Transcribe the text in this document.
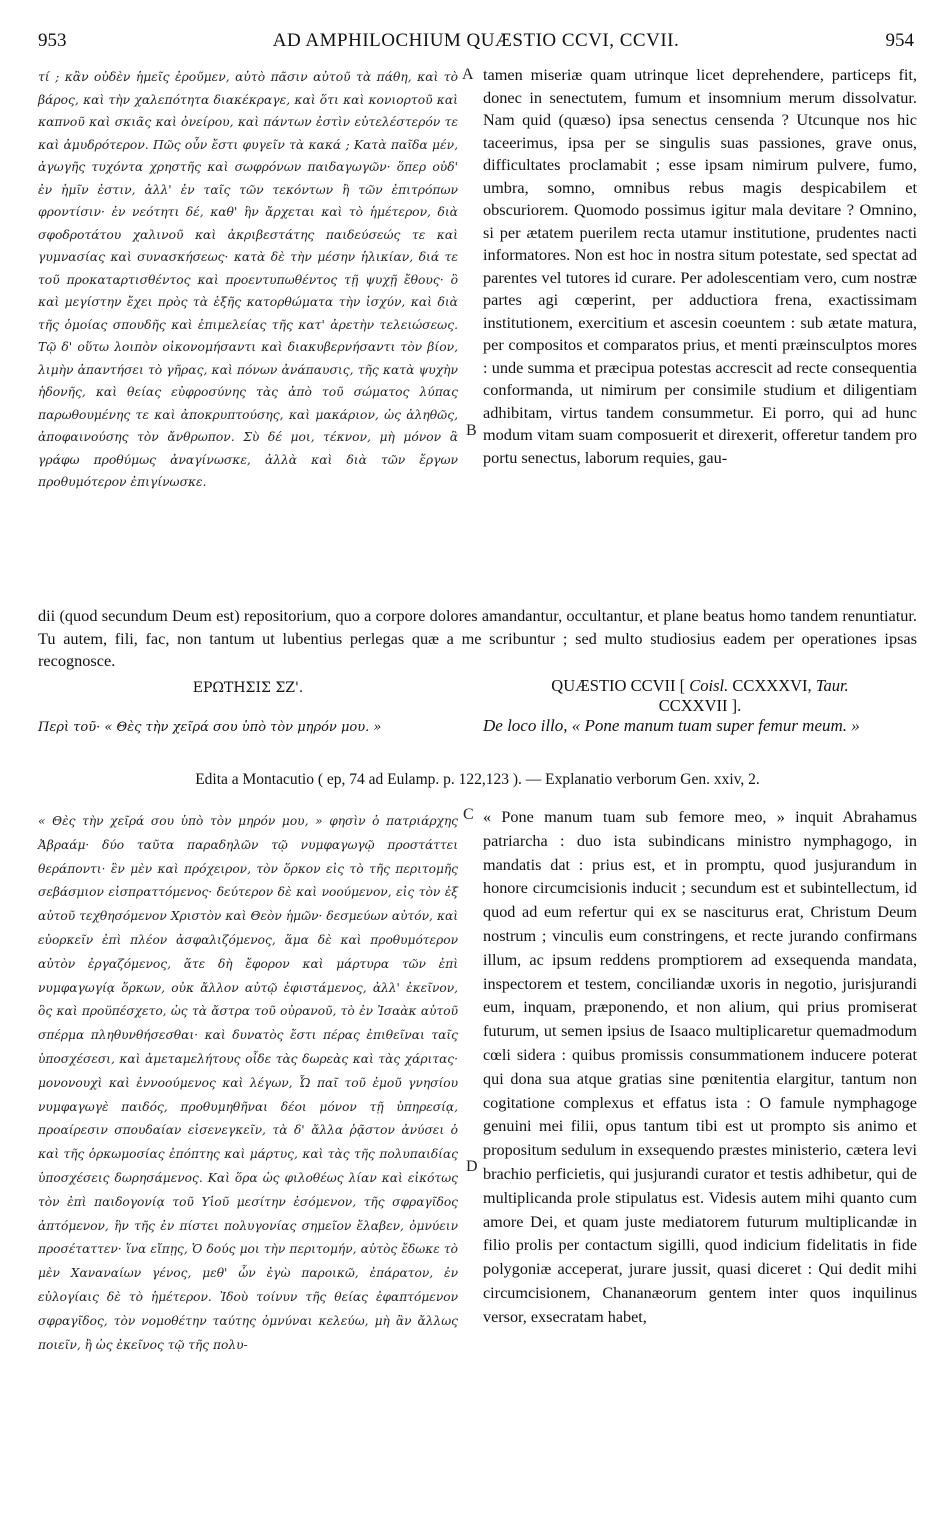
953	AD AMPHILOCHIUM QUÆSTIO CCVI, CCVII.	954
τί ; κἂν οὐδὲν ἡμεῖς ἐροῦμεν, αὐτὸ πᾶσιν αὐτοῦ τὰ πάθη, καὶ τὸ βάρος, καὶ τὴν χαλεπότητα διακέκραγε, καὶ ὅτι καὶ κονιορτοῦ καὶ καπνοῦ καὶ σκιᾶς καὶ ὀνείρου, καὶ πάντων ἐστὶν εὐτελέστερόν τε καὶ ἀμυδρότερον. Πῶς οὖν ἔστι φυγεῖν τὰ κακά ; Κατὰ παῖδα μέν, ἀγωγῆς τυχόντα χρηστῆς καὶ σωφρόνων παιδαγωγῶν· ὅπερ οὐδ' ἐν ἡμῖν ἐστιν, ἀλλ' ἐν ταῖς τῶν τεκόντων ἢ τῶν ἐπιτρόπων φροντίσιν· ἐν νεότητι δέ, καθ' ἣν ἄρχεται καὶ τὸ ἡμέτερον, διὰ σφοδροτάτου χαλινοῦ καὶ ἀκριβεστάτης παιδεύσεώς τε καὶ γυμνασίας καὶ συνασκήσεως· κατὰ δὲ τὴν μέσην ἡλικίαν, διά τε τοῦ προκαταρτισθέντος καὶ προεντυπωθέντος τῇ ψυχῇ ἔθους· ὃ καὶ μεγίστην ἔχει πρὸς τὰ ἑξῆς κατορθώματα τὴν ἰσχύν, καὶ διὰ τῆς ὁμοίας σπουδῆς καὶ ἐπιμελείας τῆς κατ' ἀρετὴν τελειώσεως. Τῷ δ' οὕτω λοιπὸν οἰκονομήσαντι καὶ διακυβερνήσαντι τὸν βίον, λιμὴν ἀπαντήσει τὸ γῆρας, καὶ πόνων ἀνάπαυσις, τῆς κατὰ ψυχὴν ἡδονῆς, καὶ θείας εὐφροσύνης τὰς ἀπὸ τοῦ σώματος λύπας παρωθουμένης τε καὶ ἀποκρυπτούσης, καὶ μακάριον, ὡς ἀληθῶς, ἀποφαινούσης τὸν ἄνθρωπον. Σὺ δέ μοι, τέκνον, μὴ μόνον ἃ γράφω προθύμως ἀναγίνωσκε, ἀλλὰ καὶ διὰ τῶν ἔργων προθυμότερον ἐπιγίνωσκε.
tamen miseriæ quam utrinque licet deprehendere, particeps fit, donec in senectutem, fumum et insomnium merum dissolvatur. Nam quid (quæso) ipsa senectus censenda ? Utcunque nos hic taceerimus, ipsa per se singulis suas passiones, grave onus, difficultates proclamabit ; esse ipsam nimirum pulvere, fumo, umbra, somno, omnibus rebus magis despicabilem et obscuriorem. Quomodo possimus igitur mala devitare ? Omnino, si per ætatem puerilem recta utamur institutione, prudentes nacti informatores. Non est hoc in nostra situm potestate, sed spectat ad parentes vel tutores id curare. Per adolescentiam vero, cum nostræ partes agi cœperint, per adductiora frena, exactissimam institutionem, exercitium et ascesin coeuntem : sub ætate matura, per compositos et comparatos prius, et menti præinsculptos mores : unde summa et præcipua potestas accrescit ad recte consequentia conformanda, ut nimirum per consimile studium et diligentiam adhibitam, virtus tandem consummetur. Ei porro, qui ad hunc modum vitam suam composuerit et direxerit, offeretur tandem pro portu senectus, laborum requies, gau-
dii (quod secundum Deum est) repositorium, quo a corpore dolores amandantur, occultantur, et plane beatus homo tandem renuntiatur. Tu autem, fili, fac, non tantum ut lubentius perlegas quæ a me scribuntur ; sed multo studiosius eadem per operationes ipsas recognosce.
A
B
C
D
ΕΡΩΤΗΣΙΣ ΣΖ'.	QUÆSTIO CCVII [ Coisl. CCXXXVI, Taur.
CCXXVII ].
Περὶ τοῦ· « Θὲς τὴν χεῖρά σου ὑπὸ τὸν μηρόν μου. »	De loco illo, « Pone manum tuam super femur meum. »
Edita a Montacutio ( ep, 74 ad Eulamp. p. 122,123 ). — Explanatio verborum Gen. xxiv, 2.
« Θὲς τὴν χεῖρά σου ὑπὸ τὸν μηρόν μου, » φησὶν ὁ πατριάρχης Ἀβραάμ· δύο ταῦτα παραδηλῶν τῷ νυμφαγωγῷ προστάττει θεράποντι· ἓν μὲν καὶ πρόχειρον, τὸν ὅρκον εἰς τὸ τῆς περιτομῆς σεβάσμιον εἰσπραττόμενος· δεύτερον δὲ καὶ νοούμενον, εἰς τὸν ἐξ αὐτοῦ τεχθησόμενον Χριστὸν καὶ Θεὸν ἡμῶν· δεσμεύων αὐτόν, καὶ εὐορκεῖν ἐπὶ πλέον ἀσφαλιζόμενος, ἅμα δὲ καὶ προθυμότερον αὐτὸν ἐργαζόμενος, ἅτε δὴ ἔφορον καὶ μάρτυρα τῶν ἐπὶ νυμφαγωγίᾳ ὅρκων, οὐκ ἄλλον αὐτῷ ἐφιστάμενος, ἀλλ' ἐκεῖνον, ὃς καὶ προϋπέσχετο, ὡς τὰ ἄστρα τοῦ οὐρανοῦ, τὸ ἐν Ἰσαὰκ αὐτοῦ σπέρμα πληθυνθήσεσθαι· καὶ δυνατὸς ἔστι πέρας ἐπιθεῖναι ταῖς ὑποσχέσεσι, καὶ ἀμεταμελήτους οἶδε τὰς δωρεὰς καὶ τὰς χάριτας· μονονουχὶ καὶ ἐννοούμενος καὶ λέγων, Ὦ παῖ τοῦ ἐμοῦ γνησίου νυμφαγωγὲ παιδός, προθυμηθῆναι δέοι μόνον τῇ ὑπηρεσίᾳ, προαίρεσιν σπουδαίαν εἰσενεγκεῖν, τὰ δ' ἄλλα ῥᾷστον ἀνύσει ὁ καὶ τῆς ὁρκωμοσίας ἐπόπτης καὶ μάρτυς, καὶ τὰς τῆς πολυπαιδίας ὑποσχέσεις δωρησάμενος. Καὶ ὅρα ὡς φιλοθέως λίαν καὶ εἰκότως τὸν ἐπὶ παιδογονίᾳ τοῦ Υἱοῦ μεσίτην ἐσόμενον, τῆς σφραγῖδος ἁπτόμενον, ἣν τῆς ἐν πίστει πολυγονίας σημεῖον ἔλαβεν, ὀμνύειν προσέταττεν· ἵνα εἴπῃς, Ὁ δούς μοι τὴν περιτομήν, αὐτὸς ἔδωκε τὸ μὲν Χαναναίων γένος, μεθ' ὧν ἐγὼ παροικῶ, ἐπάρατον, ἐν εὐλογίαις δὲ τὸ ἡμέτερον. Ἰδοὺ τοίνυν τῆς θείας ἐφαπτόμενον σφραγῖδος, τὸν νομοθέτην ταύτης ὀμνύναι κελεύω, μὴ ἂν ἄλλως ποιεῖν, ἢ ὡς ἐκεῖνος τῷ τῆς πολυ-
« Pone manum tuam sub femore meo, » inquit Abrahamus patriarcha : duo ista subindicans ministro nymphagogo, in mandatis dat : prius est, et in promptu, quod jusjurandum in honore circumcisionis inducit ; secundum est et subintellectum, id quod ad eum refertur qui ex se nasciturus erat, Christum Deum nostrum ; vinculis eum constringens, et recte jurando confirmans illum, ac ipsum reddens promptiorem ad exsequenda mandata, inspectorem et testem, conciliandæ uxoris in negotio, jurisjurandi eum, inquam, præponendo, et non alium, qui prius promiserat futurum, ut semen ipsius de Isaaco multiplicaretur quemadmodum cœli sidera : quibus promissis consummationem inducere poterat qui dona sua atque gratias sine pœnitentia elargitur, tantum non cogitatione complexus et effatus ista : O famule nymphagoge genuini mei filii, opus tantum tibi est ut prompto sis animo et propositum sedulum in exsequendo præstes ministerio, cætera levi brachio perficietis, qui jusjurandi curator et testis adhibetur, qui de multiplicanda prole stipulatus est. Videsis autem mihi quanto cum amore Dei, et quam juste mediatorem futurum multiplicandæ in filio prolis per contactum sigilli, quod indicium fidelitatis in fide polygoniæ acceperat, jurare jussit, quasi diceret : Qui dedit mihi circumcisionem, Chananæorum gentem inter quos inquilinus versor, exsecratam habet,
